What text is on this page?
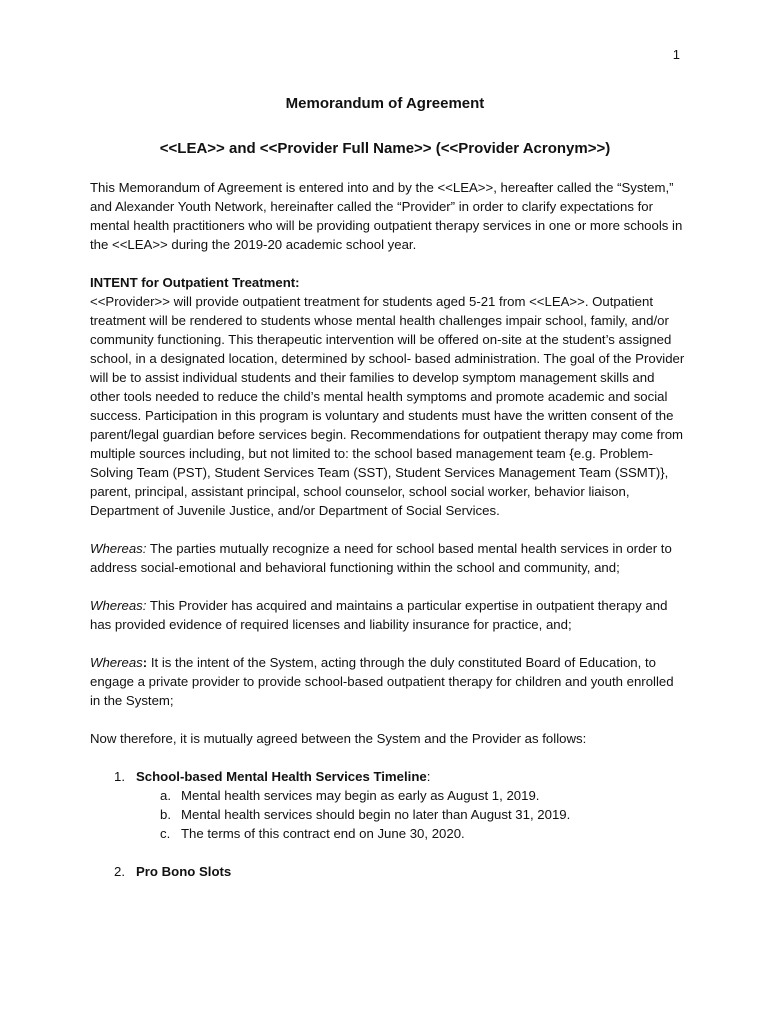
1
Memorandum of Agreement
<<LEA>> and <<Provider Full Name>> (<<Provider Acronym>>)

This Memorandum of Agreement is entered into and by the <<LEA>>, hereafter called the “System,” and Alexander Youth Network, hereinafter called the “Provider” in order to clarify expectations for mental health practitioners who will be providing outpatient therapy services in one or more schools in the <<LEA>> during the 2019-20 academic school year.

INTENT for Outpatient Treatment:
<<Provider>> will provide outpatient treatment for students aged 5-21 from <<LEA>>. Outpatient treatment will be rendered to students whose mental health challenges impair school, family, and/or community functioning. This therapeutic intervention will be offered on-site at the student’s assigned school, in a designated location, determined by school- based administration. The goal of the Provider will be to assist individual students and their families to develop symptom management skills and other tools needed to reduce the child’s mental health symptoms and promote academic and social success. Participation in this program is voluntary and students must have the written consent of the parent/legal guardian before services begin. Recommendations for outpatient therapy may come from multiple sources including, but not limited to: the school based management team {e.g. Problem-Solving Team (PST), Student Services Team (SST), Student Services Management Team (SSMT)}, parent, principal, assistant principal, school counselor, school social worker, behavior liaison, Department of Juvenile Justice, and/or Department of Social Services.

Whereas: The parties mutually recognize a need for school based mental health services in order to address social-emotional and behavioral functioning within the school and community, and;

Whereas: This Provider has acquired and maintains a particular expertise in outpatient therapy and has provided evidence of required licenses and liability insurance for practice, and;

Whereas: It is the intent of the System, acting through the duly constituted Board of Education, to engage a private provider to provide school-based outpatient therapy for children and youth enrolled in the System;

Now therefore, it is mutually agreed between the System and the Provider as follows:

1. School-based Mental Health Services Timeline:
a. Mental health services may begin as early as August 1, 2019.
b. Mental health services should begin no later than August 31, 2019.
c. The terms of this contract end on June 30, 2020.
2. Pro Bono Slots
